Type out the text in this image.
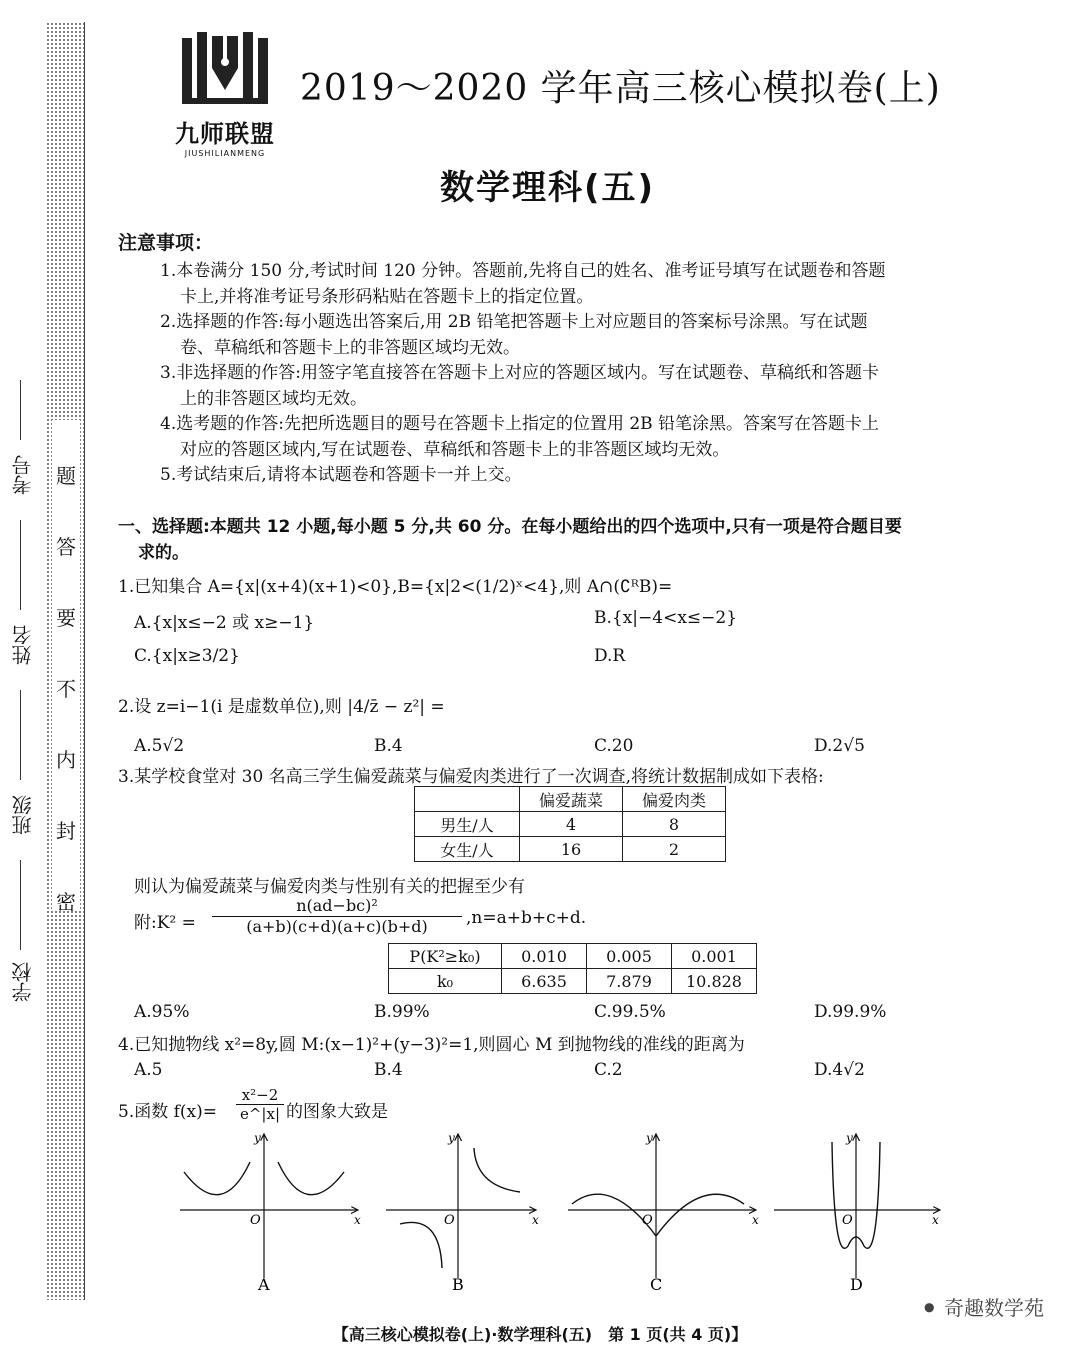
题
答
要
不
内
封
密
考号
姓名
班级
学校
九师联盟
JIUSHILIANMENG
2019～2020 学年高三核心模拟卷(上)
数学理科(五)
注意事项：
1.本卷满分 150 分,考试时间 120 分钟。答题前,先将自己的姓名、准考证号填写在试题卷和答题
卡上,并将准考证号条形码粘贴在答题卡上的指定位置。
2.选择题的作答:每小题选出答案后,用 2B 铅笔把答题卡上对应题目的答案标号涂黑。写在试题
卷、草稿纸和答题卡上的非答题区域均无效。
3.非选择题的作答:用签字笔直接答在答题卡上对应的答题区域内。写在试题卷、草稿纸和答题卡
上的非答题区域均无效。
4.选考题的作答:先把所选题目的题号在答题卡上指定的位置用 2B 铅笔涂黑。答案写在答题卡上
对应的答题区域内,写在试题卷、草稿纸和答题卡上的非答题区域均无效。
5.考试结束后,请将本试题卷和答题卡一并上交。
一、选择题:本题共 12 小题,每小题 5 分,共 60 分。在每小题给出的四个选项中,只有一项是符合题目要
求的。
1.已知集合 A={x|(x+4)(x+1)<0},B={x|2<(1/2)ˣ<4},则 A∩(∁ᴿB)=
A.{x|x≤−2 或 x≥−1}	B.{x|−4<x≤−2}
C.{x|x≥3/2}	D.R
2.设 z=i−1(i 是虚数单位),则 |4/z̄ − z²| =
A.5√2	B.4	C.20	D.2√5
3.某学校食堂对 30 名高三学生偏爱蔬菜与偏爱肉类进行了一次调查,将统计数据制成如下表格:
	偏爱蔬菜	偏爱肉类
男生/人	4	8
女生/人	16	2
则认为偏爱蔬菜与偏爱肉类与性别有关的把握至少有
附:K² = $\frac{\text{n(ad−bc)²}}{(a+b)(c+d)(a+c)(b+d)} ,n=a+b+c+d$.
P(K²≥k₀)	0.010	0.005	0.001
k₀	6.635	7.879	10.828
A.95%	B.99%	C.99.5%	D.99.9%
4.已知抛物线 x²=8y,圆 M:(x−1)²+(y−3)²=1,则圆心 M 到抛物线的准线的距离为
A.5	B.4	C.2	D.4√2
5.函数 $f(x)= \frac{\text{x²−2}}{e\^{}|x|}$ 的图象大致是
y
x
O
A
y
x
O
B
y
x
O
C
y
x
O
D
⚫ 奇趣数学苑
【高三核心模拟卷(上)·数学理科(五)　第 1 页(共 4 页)】
